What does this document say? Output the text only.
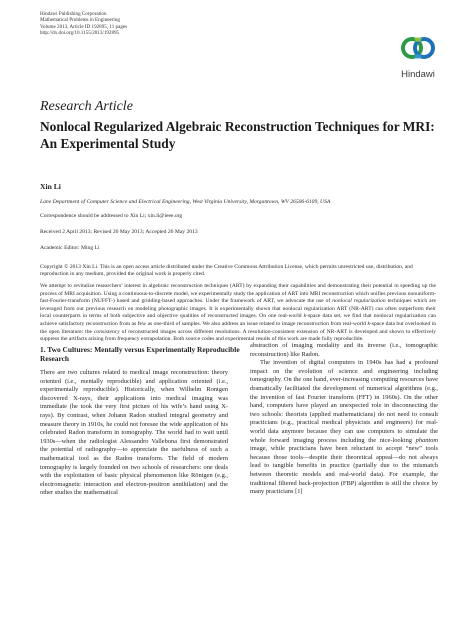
Hindawi Publishing Corporation
Mathematical Problems in Engineering
Volume 2013, Article ID 192895, 11 pages
http://dx.doi.org/10.1155/2013/192895
Hindawi
Research Article
Nonlocal Regularized Algebraic Reconstruction Techniques for MRI: An Experimental Study
Xin Li
Lane Department of Computer Science and Electrical Engineering, West Virginia University, Morgantown, WV 26506-6109, USA
Correspondence should be addressed to Xin Li; xin.li@ieee.org
Received 2 April 2013; Revised 20 May 2013; Accepted 26 May 2013
Academic Editor: Ming Li
Copyright © 2013 Xin Li. This is an open access article distributed under the Creative Commons Attribution License, which permits unrestricted use, distribution, and reproduction in any medium, provided the original work is properly cited.
We attempt to revitalize researchers’ interest in algebraic reconstruction techniques (ART) by expanding their capabilities and demonstrating their potential in speeding up the process of MRI acquisition. Using a continuous-to-discrete model, we experimentally study the application of ART into MRI reconstruction which unifies previous nonuniform-fast-Fourier-transform (NUFFT-) based and gridding-based approaches. Under the framework of ART, we advocate the use of nonlocal regularization techniques which are leveraged from our previous research on modeling photographic images. It is experimentally shown that nonlocal regularization ART (NR-ART) can often outperform their local counterparts in terms of both subjective and objective qualities of reconstructed images. On one real-world k-space data set, we find that nonlocal regularization can achieve satisfactory reconstruction from as few as one-third of samples. We also address an issue related to image reconstruction from real-world k-space data but overlooked in the open literature: the consistency of reconstructed images across different resolutions. A resolution-consistent extension of NR-ART is developed and shown to effectively suppress the artifacts arising from frequency extrapolation. Both source codes and experimental results of this work are made fully reproducible.
1. Two Cultures: Mentally versus Experimentally Reproducible Research

There are two cultures related to medical image reconstruction: theory oriented (i.e., mentally reproducible) and application oriented (i.e., experimentally reproducible). Historically, when Wilhelm Rontgen discovered X-rays, their applications into medical imaging was immediate (he took the very first picture of his wife’s hand using X-rays). By contrast, when Johann Radon studied integral geometry and measure theory in 1910s, he could not foresee the wide application of his celebrated Radon transform in tomography. The world had to wait until 1930s—when the radiologist Alessandro Vallebona first demonstrated the potential of radiography—to appreciate the usefulness of such a mathematical tool as the Radon transform. The field of modern tomography is largely founded on two schools of researchers: one deals with the exploitation of basic physical phenomenon like Röntgen (e.g., electromagnetic interaction and electron-positron annihilation) and the other studies the mathematical

abstraction of imaging modality and its inverse (i.e., tomographic reconstruction) like Radon.

The invention of digital computers in 1940s has had a profound impact on the evolution of science and engineering including tomography. On the one hand, ever-increasing computing resources have dramatically facilitated the development of numerical algorithms (e.g., the invention of fast Fourier transform (FFT) in 1960s). On the other hand, computers have played an unexpected role in disconnecting the two schools: theorists (applied mathematicians) do not need to consult practicians (e.g., practical medical physicists and engineers) for real-world data anymore because they can use computers to simulate the whole forward imaging process including the nice-looking phantom image, while practicians have been reluctant to accept “new” tools because those tools—despite their theoretical appeal—do not always lead to tangible benefits in practice (partially due to the mismatch between theoretic models and real-world data). For example, the traditional filtered back-projection (FBP) algorithm is still the choice by many practicians [1]
